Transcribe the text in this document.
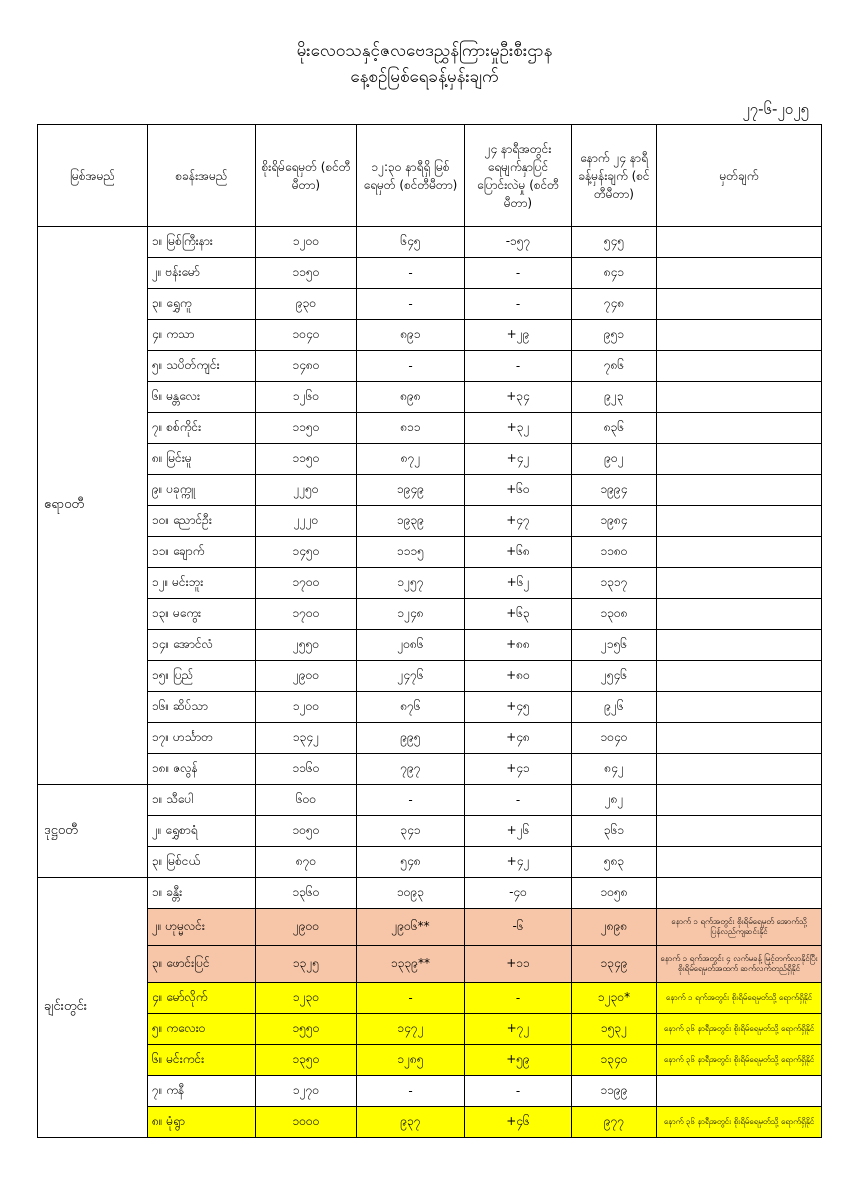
မိုးလေဝသနှင့်ဇလဗေဒညွှန်ကြားမှုဦးစီးဌာန
နေ့စဉ်မြစ်ရေခန့်မှန်းချက်
၂၇-၆-၂၀၂၅
မြစ်အမည်	စခန်းအမည်	စိုးရိမ်ရေမှတ် (စင်တီမီတာ)	၁၂:၃၀ နာရီရှိ မြစ်ရေမှတ် (စင်တီမီတာ)	၂၄ နာရီအတွင်း ရေမျက်နှာပြင် ပြောင်းလဲမှု (စင်တီမီတာ)	နောက် ၂၄ နာရီ ခန့်မှန်းချက် (စင်တီမီတာ)	မှတ်ချက်
ဧရာဝတီ	၁။ မြစ်ကြီးနား	၁၂၀၀	၆၄၅	-၁၅၇	၅၄၅	
	၂။ ဗန်းမော်	၁၁၅၀	-	-	၈၄၁	
	၃။ ရွှေကူ	၉၃၀	-	-	၇၄၈	
	၄။ ကသာ	၁၀၄၀	၈၉၁	+၂၉	၉၅၁	
	၅။ သပိတ်ကျင်း	၁၄၈၀	-	-	၇၈၆	
	၆။ မန္တလေး	၁၂၆၀	၈၉၈	+၃၄	၉၂၃	
	၇။ စစ်ကိုင်း	၁၁၅၀	၈၁၁	+၃၂	၈၃၆	
	၈။ မြင်းမူ	၁၁၅၀	၈၇၂	+၄၂	၉၀၂	
	၉။ ပခုက္ကူ	၂၂၅၀	၁၉၄၉	+၆၀	၁၉၉၄	
	၁၀။ ညောင်ဦး	၂၂၂၀	၁၉၃၉	+၄၇	၁၉၈၄	
	၁၁။ ချောက်	၁၄၅၀	၁၁၁၅	+၆၈	၁၁၈၀	
	၁၂။ မင်းဘူး	၁၇၀၀	၁၂၅၇	+၆၂	၁၃၁၇	
	၁၃။ မကွေး	၁၇၀၀	၁၂၄၈	+၆၃	၁၃၀၈	
	၁၄။ အောင်လံ	၂၅၅၀	၂၀၈၆	+၈၈	၂၁၅၆	
	၁၅။ ပြည်	၂၉၀၀	၂၄၇၆	+၈၀	၂၅၄၆	
	၁၆။ ဆိပ်သာ	၁၂၀၀	၈၇၆	+၄၅	၉၂၆	
	၁၇။ ဟင်္သာတ	၁၃၄၂	၉၉၅	+၄၈	၁၀၄၀	
	၁၈။ ဇလွန်	၁၁၆၀	၇၉၇	+၄၁	၈၄၂	
ဒုဋ္ဌဝတီ	၁။ သီပေါ	၆၀၀	-	-	၂၈၂	
	၂။ ရွှေစာရံ	၁၀၅၀	၃၄၁	+၂၆	၃၆၁	
	၃။ မြစ်ငယ်	၈၇၀	၅၄၈	+၄၂	၅၈၃	
ချင်းတွင်း	၁။ ခန္တီး	၁၃၆၀	၁၀၉၃	-၄၀	၁၀၅၈	
	၂။ ဟုမ္မလင်း	၂၉၀၀	၂၉၀၆**	-၆	၂၈၉၈	နောက် ၁ ရက်အတွင်း စိုးရိမ်ရေမှတ် အောက်သို့ ပြန်လည်ကျဆင်းနိုင်
	၃။ ဖောင်းပြင်	၁၃၂၅	၁၃၃၉**	+၁၁	၁၃၄၉	နောက် ၁ ရက်အတွင်း ၄ လက်မခန့် မြင့်တက်လာနိုင်ပြီး စိုးရိမ်ရေမှတ်အထက် ဆက်လက်တည်ရှိနိုင်
	၄။ မော်လိုက်	၁၂၃၀	-	-	၁၂၃၀*	နောက် ၁ ရက်အတွင်း စိုးရိမ်ရေမှတ်သို့ ရောက်ရှိနိုင်
	၅။ ကလေးဝ	၁၅၅၀	၁၄၇၂	+၇၂	၁၅၃၂	နောက် ၃၆ နာရီအတွင်း စိုးရိမ်ရေမှတ်သို့ ရောက်ရှိနိုင်
	၆။ မင်းကင်း	၁၃၅၀	၁၂၈၅	+၅၉	၁၃၄၀	နောက် ၃၆ နာရီအတွင်း စိုးရိမ်ရေမှတ်သို့ ရောက်ရှိနိုင်
	၇။ ကနီ	၁၂၇၀	-	-	၁၁၉၉	
	၈။ မုံရွာ	၁၀၀၀	၉၃၇	+၄၆	၉၇၇	နောက် ၃၆ နာရီအတွင်း စိုးရိမ်ရေမှတ်သို့ ရောက်ရှိနိုင်
